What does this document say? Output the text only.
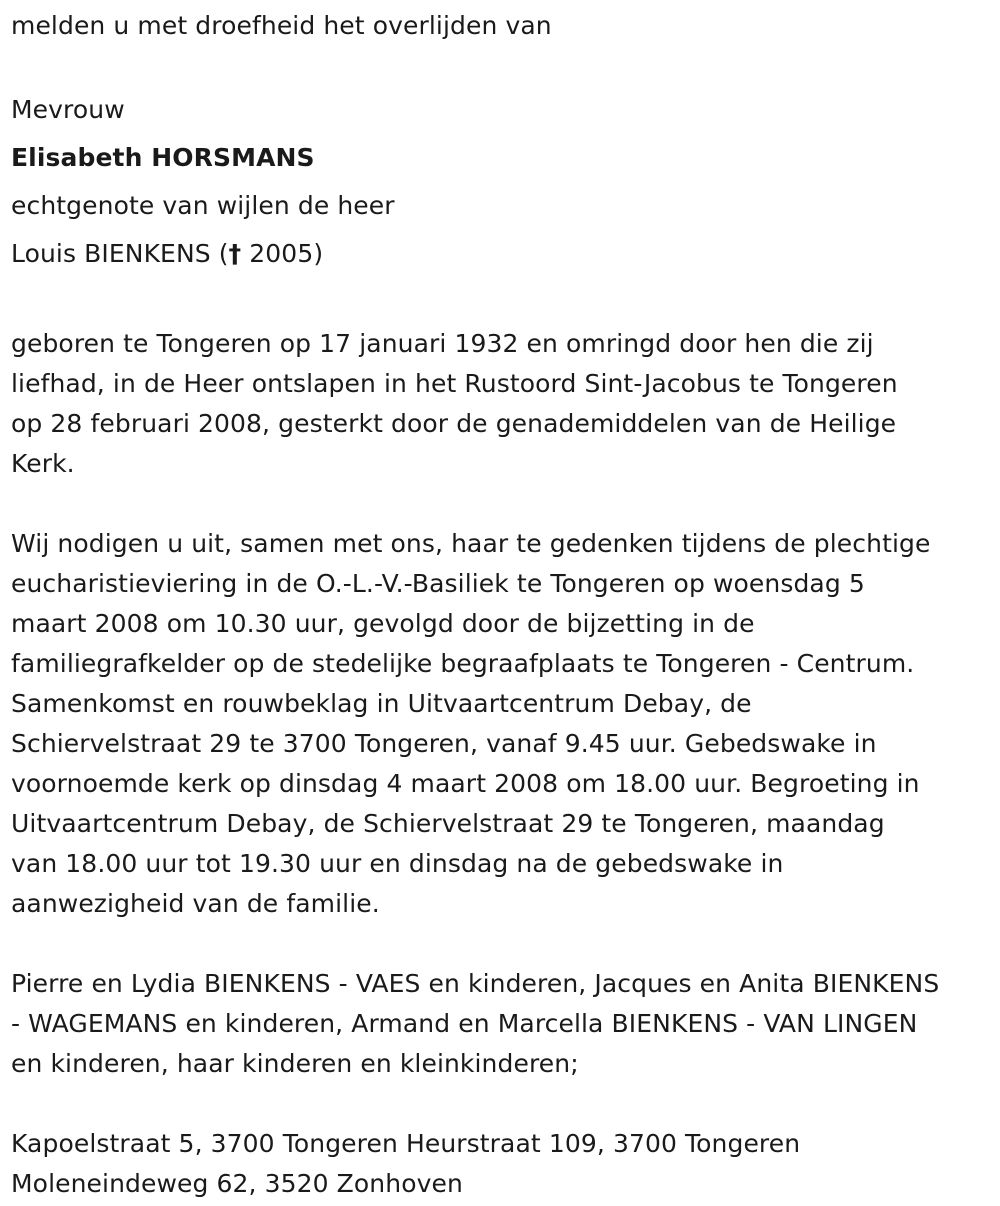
melden u met droefheid het overlijden van
Mevrouw
Elisabeth HORSMANS
echtgenote van wijlen de heer
Louis BIENKENS († 2005)
geboren te Tongeren op 17 januari 1932 en omringd door hen die zij
liefhad, in de Heer ontslapen in het Rustoord Sint-Jacobus te Tongeren
op 28 februari 2008, gesterkt door de genademiddelen van de Heilige
Kerk.
Wij nodigen u uit, samen met ons, haar te gedenken tijdens de plechtige
eucharistieviering in de O.-L.-V.-Basiliek te Tongeren op woensdag 5
maart 2008 om 10.30 uur, gevolgd door de bijzetting in de
familiegrafkelder op de stedelijke begraafplaats te Tongeren - Centrum.
Samenkomst en rouwbeklag in Uitvaartcentrum Debay, de
Schiervelstraat 29 te 3700 Tongeren, vanaf 9.45 uur. Gebedswake in
voornoemde kerk op dinsdag 4 maart 2008 om 18.00 uur. Begroeting in
Uitvaartcentrum Debay, de Schiervelstraat 29 te Tongeren, maandag
van 18.00 uur tot 19.30 uur en dinsdag na de gebedswake in
aanwezigheid van de familie.
Pierre en Lydia BIENKENS - VAES en kinderen, Jacques en Anita BIENKENS
- WAGEMANS en kinderen, Armand en Marcella BIENKENS - VAN LINGEN
en kinderen, haar kinderen en kleinkinderen;
Kapoelstraat 5, 3700 Tongeren Heurstraat 109, 3700 Tongeren
Moleneindeweg 62, 3520 Zonhoven
